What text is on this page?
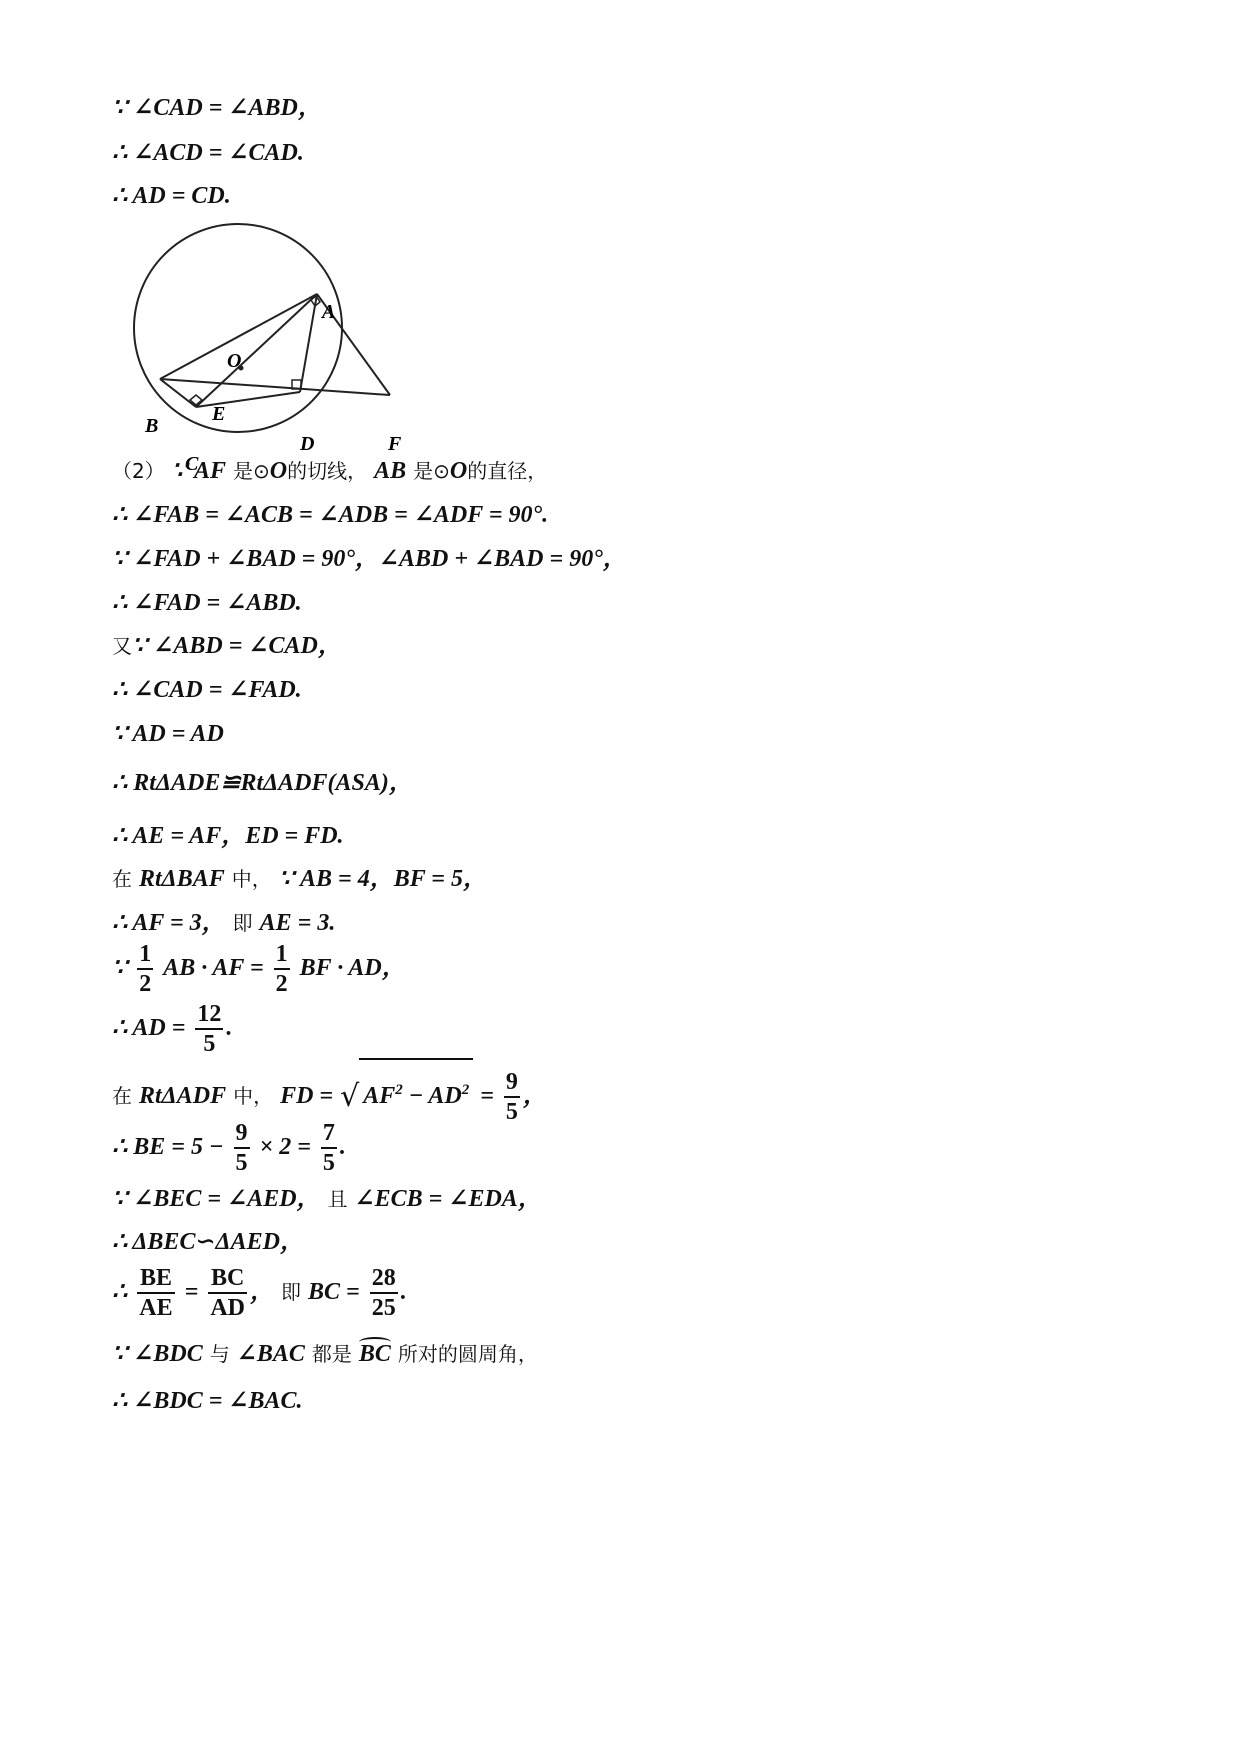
∵ ∠CAD = ∠ABD，
∴ ∠ACD = ∠CAD.
∴ AD = CD.
A
O
E
B
C
D	F
（2） ∵ AF 是⊙O的切线， AB 是⊙O的直径，
∴ ∠FAB = ∠ACB = ∠ADB = ∠ADF = 90°.
∵ ∠FAD + ∠BAD = 90°，∠ABD + ∠BAD = 90°，
∴ ∠FAD = ∠ABD.
又∵ ∠ABD = ∠CAD，
∴ ∠CAD = ∠FAD.
∵ AD = AD
∴ RtΔADE≌RtΔADF(ASA)，
∴ AE = AF，ED = FD.
在 RtΔBAF 中， ∵ AB = 4，BF = 5，
∴ AF = 3， 即 AE = 3.
∵ $\frac{1}{2}$ AB · AF = $\frac{1}{2}$ BF · AD，
∴ AD = $\frac{12}{5}$ .
在 RtΔADF 中， FD = √ $AF^2 - AD^2 = \frac{9}{5}$ ，
∴ BE = $5 - \frac{9}{5} \times 2 = \frac{7}{5}$ .
∵ ∠BEC = ∠AED， 且 ∠ECB = ∠EDA，
∴ ΔBEC∽ΔAED，
∴ $\frac{BE}{AE} = \frac{BC}{AD}$ ， 即 BC = $\frac{28}{25}$ .
∵ ∠BDC 与 ∠BAC 都是 BC 所对的圆周角，
∴ ∠BDC = ∠BAC.
